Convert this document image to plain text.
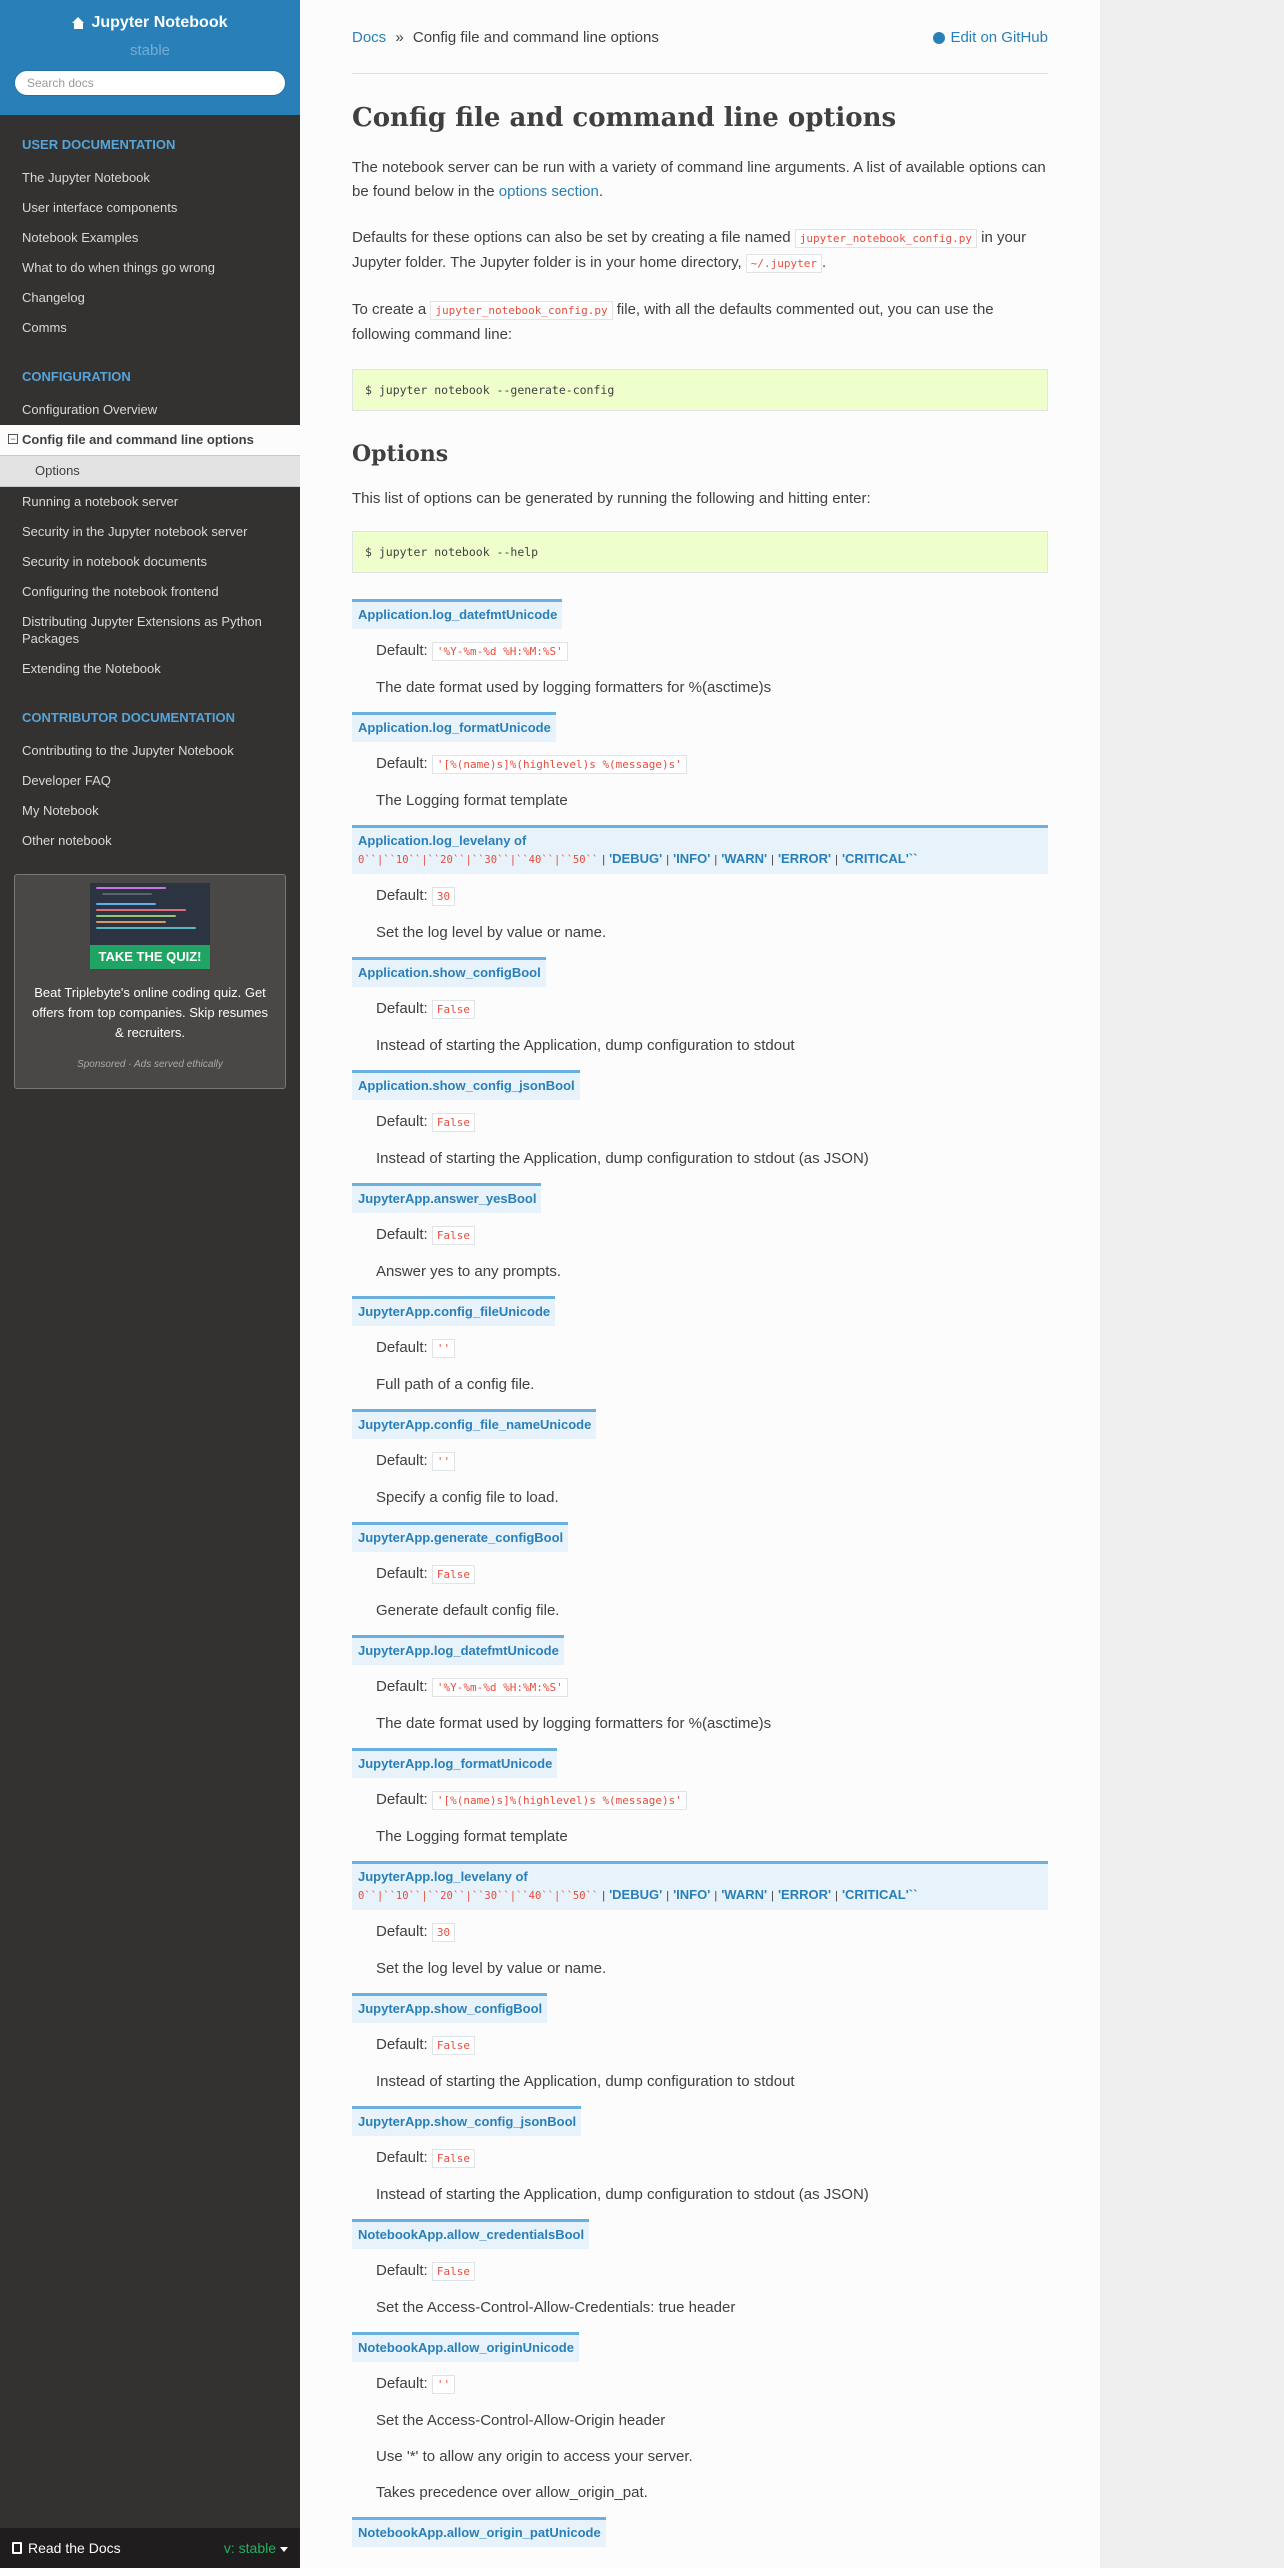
Jupyter Notebook
stable
Search docs
USER DOCUMENTATION
The Jupyter Notebook
User interface components
Notebook Examples
What to do when things go wrong
Changelog
Comms
CONFIGURATION
Configuration Overview
− Config file and command line options
Options
Running a notebook server
Security in the Jupyter notebook server
Security in notebook documents
Configuring the notebook frontend
Distributing Jupyter Extensions as Python Packages
Extending the Notebook
CONTRIBUTOR DOCUMENTATION
Contributing to the Jupyter Notebook
Developer FAQ
My Notebook
Other notebook
TAKE THE QUIZ!
Beat Triplebyte's online coding quiz. Get offers from top companies. Skip resumes & recruiters.
Sponsored · Ads served ethically
Read the Docs	v: stable
Docs » Config file and command line options	Edit on GitHub
Config file and command line options

The notebook server can be run with a variety of command line arguments. A list of available options can be found below in the options section.

Defaults for these options can also be set by creating a file named jupyter_notebook_config.py in your Jupyter folder. The Jupyter folder is in your home directory, ~/.jupyter .

To create a jupyter_notebook_config.py file, with all the defaults commented out, you can use the following command line:

$ jupyter notebook --generate-config
Options

This list of options can be generated by running the following and hitting enter:

$ jupyter notebook --help
Application.log_datefmtUnicode
Default: '%Y-%m-%d %H:%M:%S'
The date format used by logging formatters for %(asctime)s
Application.log_formatUnicode
Default: '[%(name)s]%(highlevel)s %(message)s'
The Logging format template
Application.log_levelany of
0``|``10``|``20``|``30``|``40``|``50`` | 'DEBUG' | 'INFO' | 'WARN' | 'ERROR' | 'CRITICAL'``
Default: 30
Set the log level by value or name.
Application.show_configBool
Default: False
Instead of starting the Application, dump configuration to stdout
Application.show_config_jsonBool
Default: False
Instead of starting the Application, dump configuration to stdout (as JSON)
JupyterApp.answer_yesBool
Default: False
Answer yes to any prompts.
JupyterApp.config_fileUnicode
Default: ''
Full path of a config file.
JupyterApp.config_file_nameUnicode
Default: ''
Specify a config file to load.
JupyterApp.generate_configBool
Default: False
Generate default config file.
JupyterApp.log_datefmtUnicode
Default: '%Y-%m-%d %H:%M:%S'
The date format used by logging formatters for %(asctime)s
JupyterApp.log_formatUnicode
Default: '[%(name)s]%(highlevel)s %(message)s'
The Logging format template
JupyterApp.log_levelany of
0``|``10``|``20``|``30``|``40``|``50`` | 'DEBUG' | 'INFO' | 'WARN' | 'ERROR' | 'CRITICAL'``
Default: 30
Set the log level by value or name.
JupyterApp.show_configBool
Default: False
Instead of starting the Application, dump configuration to stdout
JupyterApp.show_config_jsonBool
Default: False
Instead of starting the Application, dump configuration to stdout (as JSON)
NotebookApp.allow_credentialsBool
Default: False
Set the Access-Control-Allow-Credentials: true header
NotebookApp.allow_originUnicode
Default: ''
Set the Access-Control-Allow-Origin header
Use '*' to allow any origin to access your server.
Takes precedence over allow_origin_pat.
NotebookApp.allow_origin_patUnicode
